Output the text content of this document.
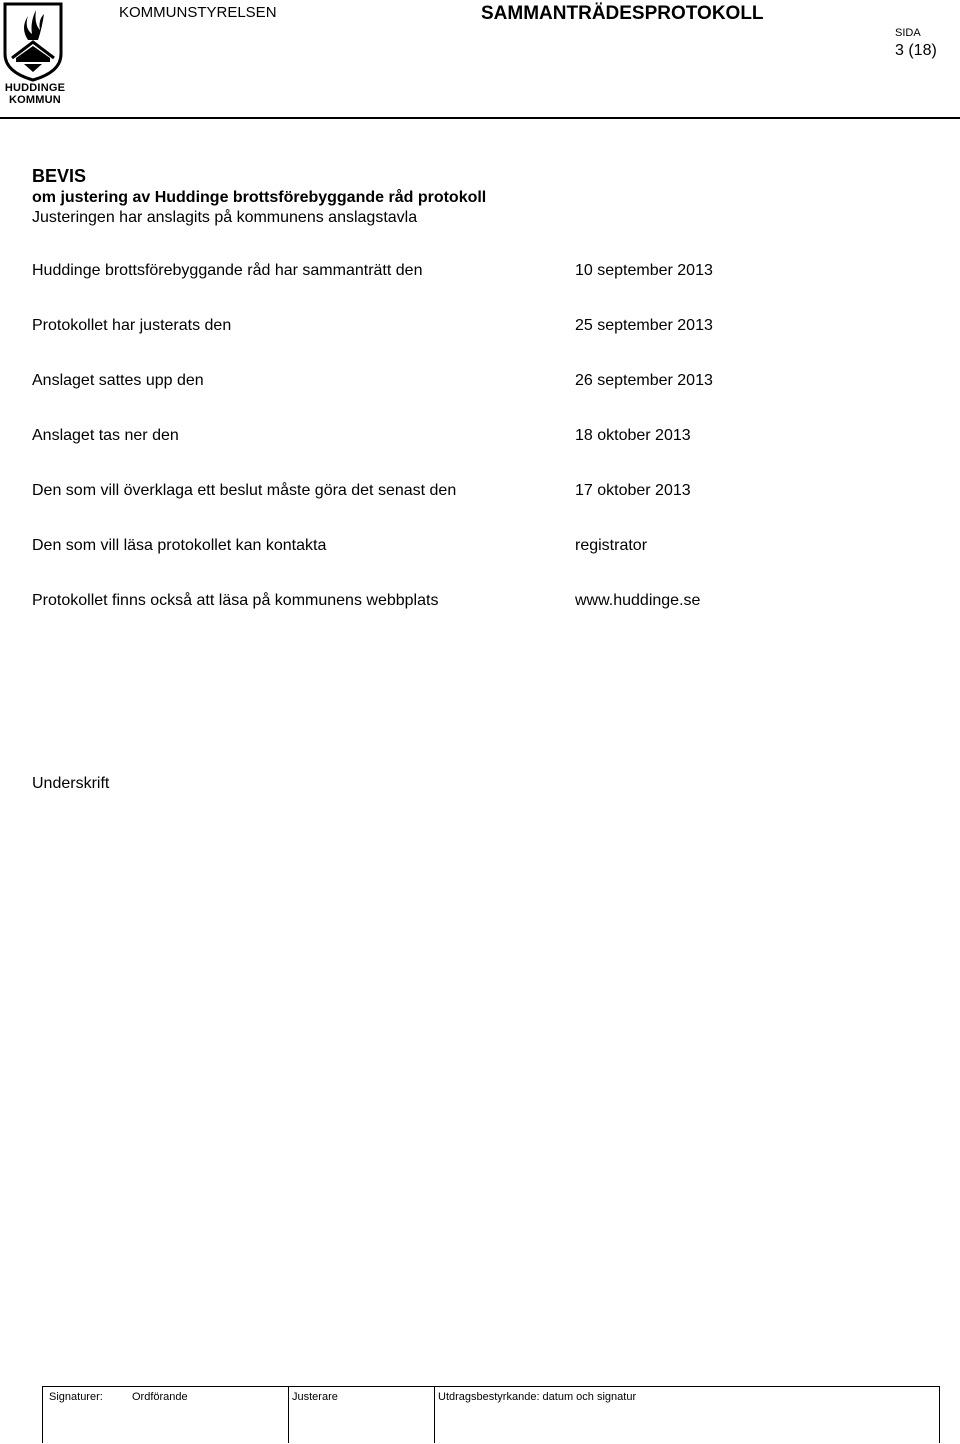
HUDDINGE
KOMMUN
KOMMUNSTYRELSEN	SAMMANTRÄDESPROTOKOLL
SIDA
3 (18)
BEVIS
om justering av Huddinge brottsförebyggande råd protokoll
Justeringen har anslagits på kommunens anslagstavla
Huddinge brottsförebyggande råd har sammanträtt den	10 september 2013
Protokollet har justerats den	25 september 2013
Anslaget sattes upp den	26 september 2013
Anslaget tas ner den	18 oktober 2013
Den som vill överklaga ett beslut måste göra det senast den	17 oktober 2013
Den som vill läsa protokollet kan kontakta	registrator
Protokollet finns också att läsa på kommunens webbplats	www.huddinge.se
Underskrift
Signaturer:	Ordförande	Justerare	Utdragsbestyrkande: datum och signatur
